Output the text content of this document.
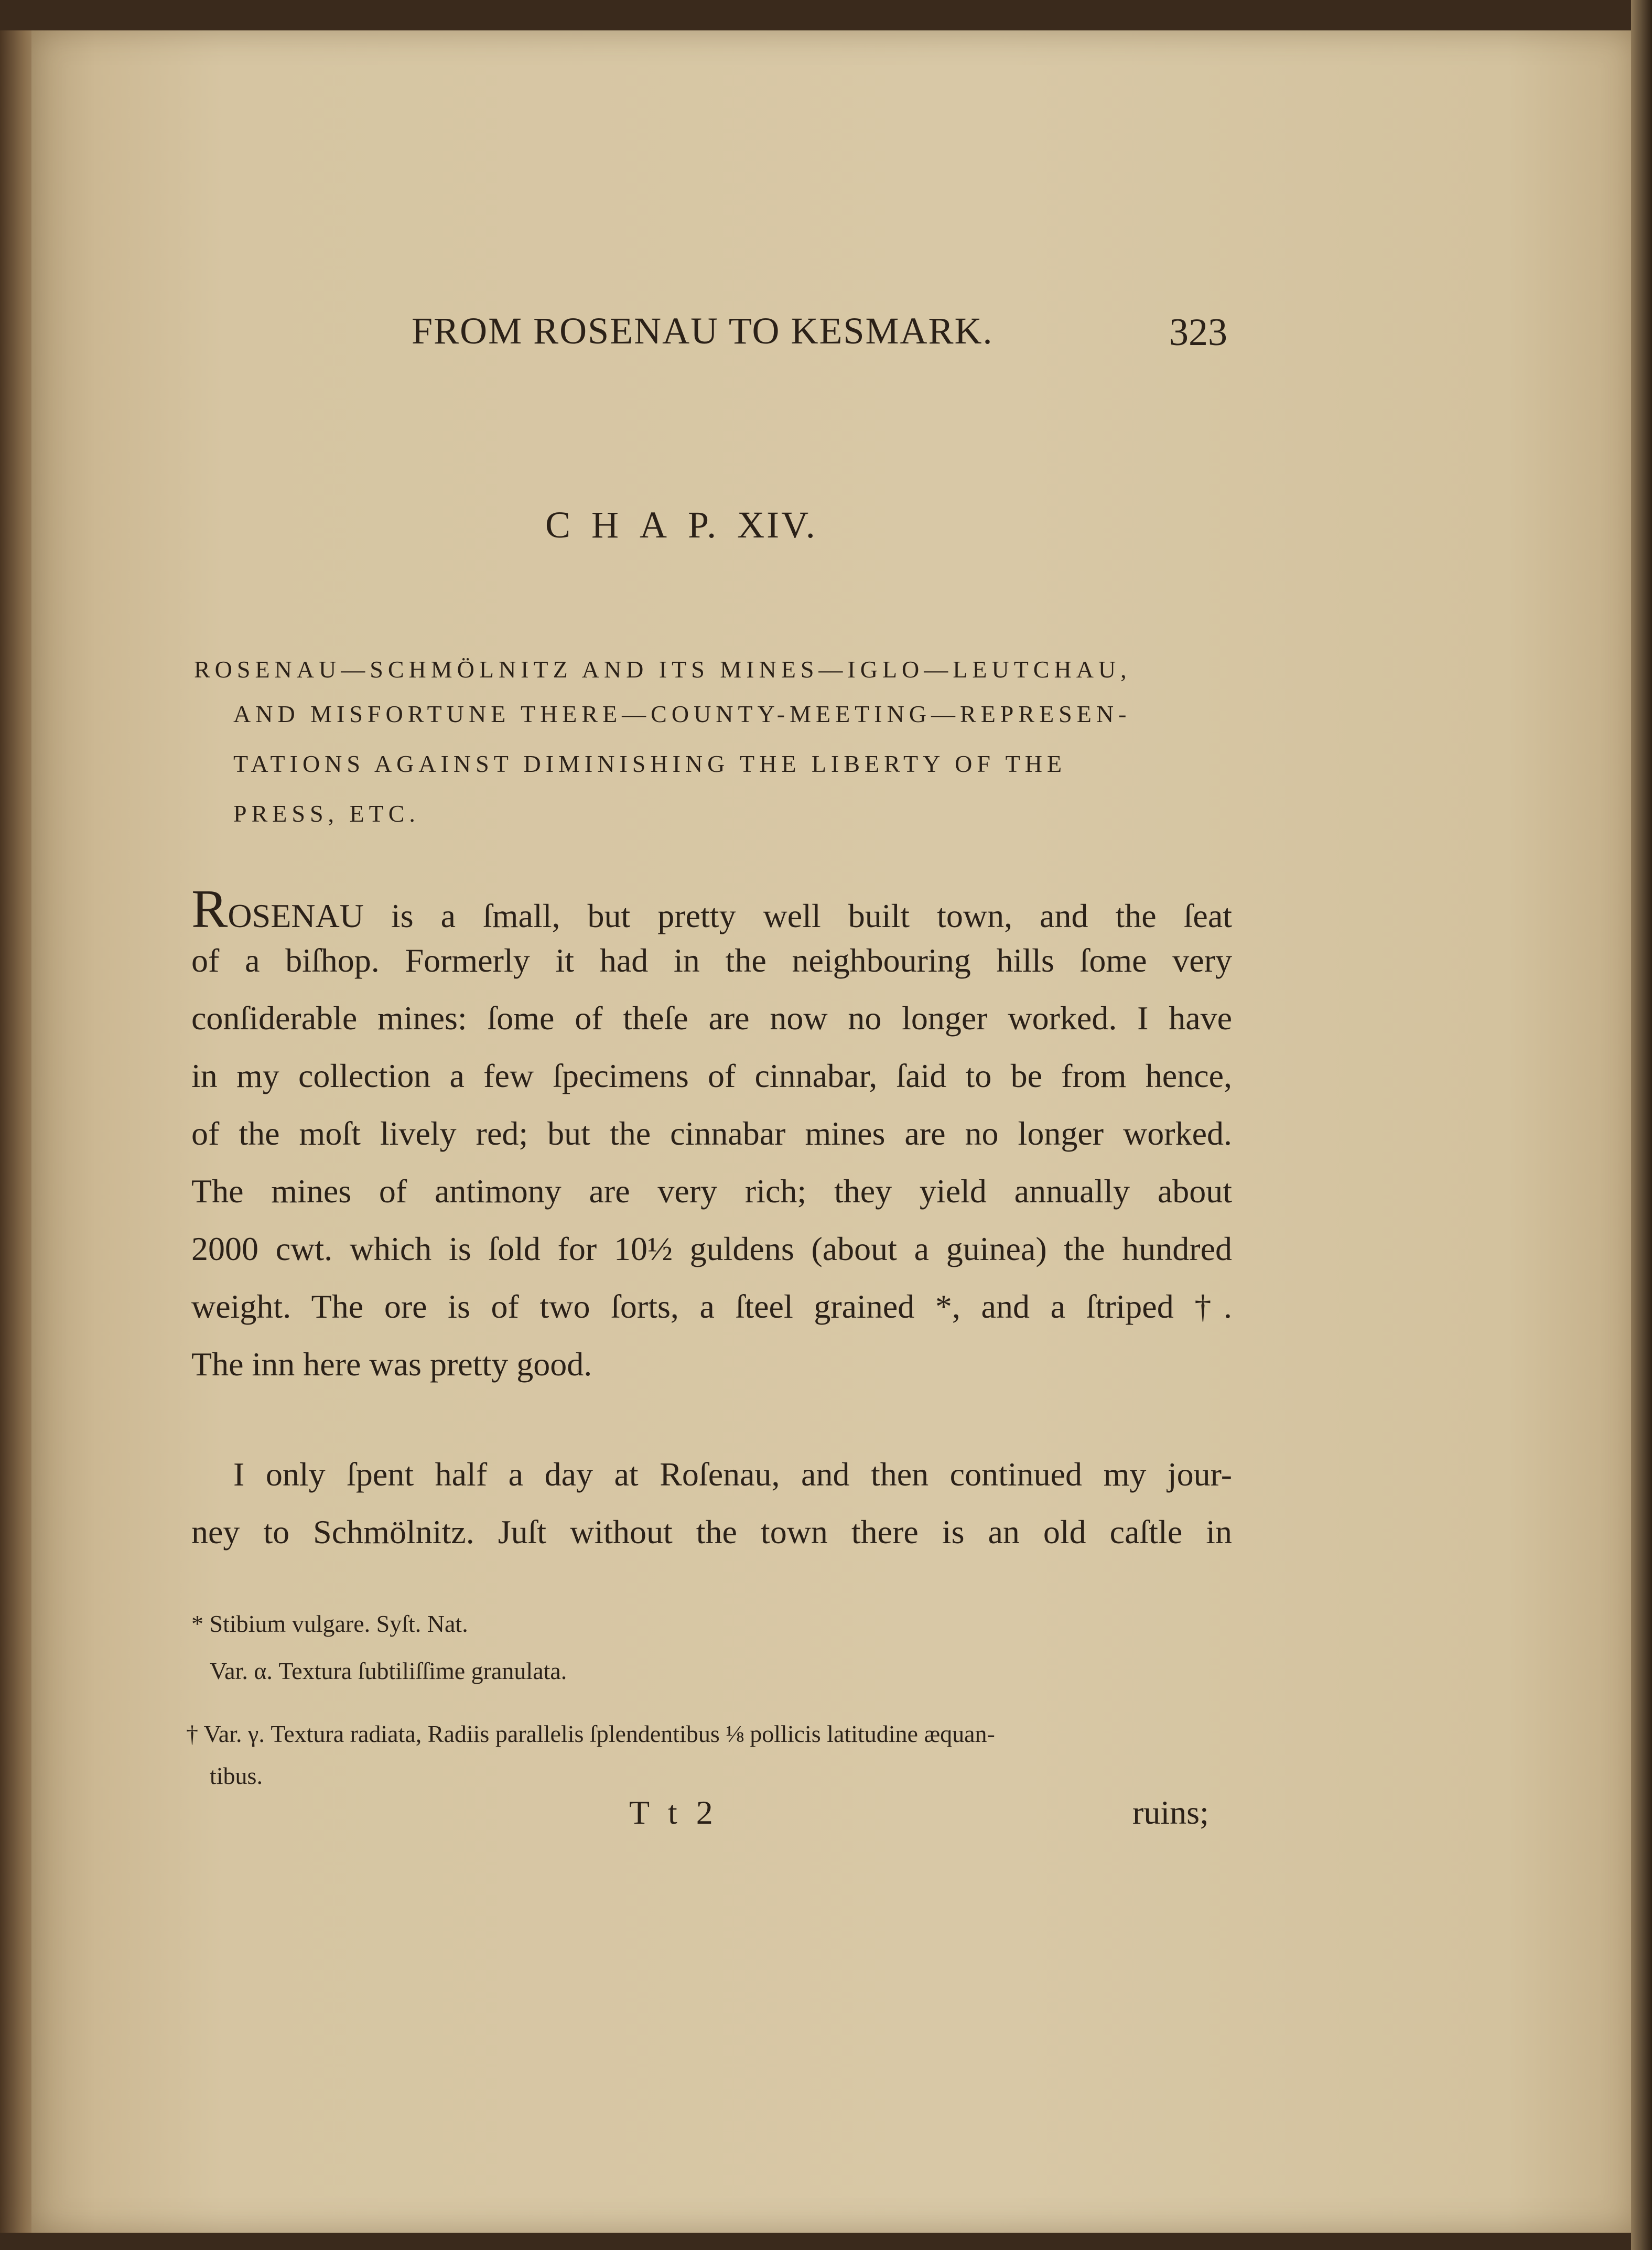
FROM ROSENAU TO KESMARK.	323
C H A P. XIV.
ROSENAU—SCHMÖLNITZ AND ITS MINES—IGLO—LEUTCHAU,
AND MISFORTUNE THERE—COUNTY-MEETING—REPRESEN-
TATIONS AGAINST DIMINISHING THE LIBERTY OF THE
PRESS, ETC.
ROSENAU is a ſmall, but pretty well built town, and the ſeat
of a biſhop. Formerly it had in the neighbouring hills ſome very
conſiderable mines: ſome of theſe are now no longer worked. I have
in my collection a few ſpecimens of cinnabar, ſaid to be from hence,
of the moſt lively red; but the cinnabar mines are no longer worked.
The mines of antimony are very rich; they yield annually about
2000 cwt. which is ſold for 10½ guldens (about a guinea) the hundred
weight. The ore is of two ſorts, a ſteel grained *, and a ſtriped †.
The inn here was pretty good.
I only ſpent half a day at Roſenau, and then continued my jour-
ney to Schmölnitz. Juſt without the town there is an old caſtle in
* Stibium vulgare. Syſt. Nat.
Var. α. Textura ſubtiliſſime granulata.
† Var. γ. Textura radiata, Radiis parallelis ſplendentibus ⅛ pollicis latitudine æquan-
tibus.
T t 2	ruins;
